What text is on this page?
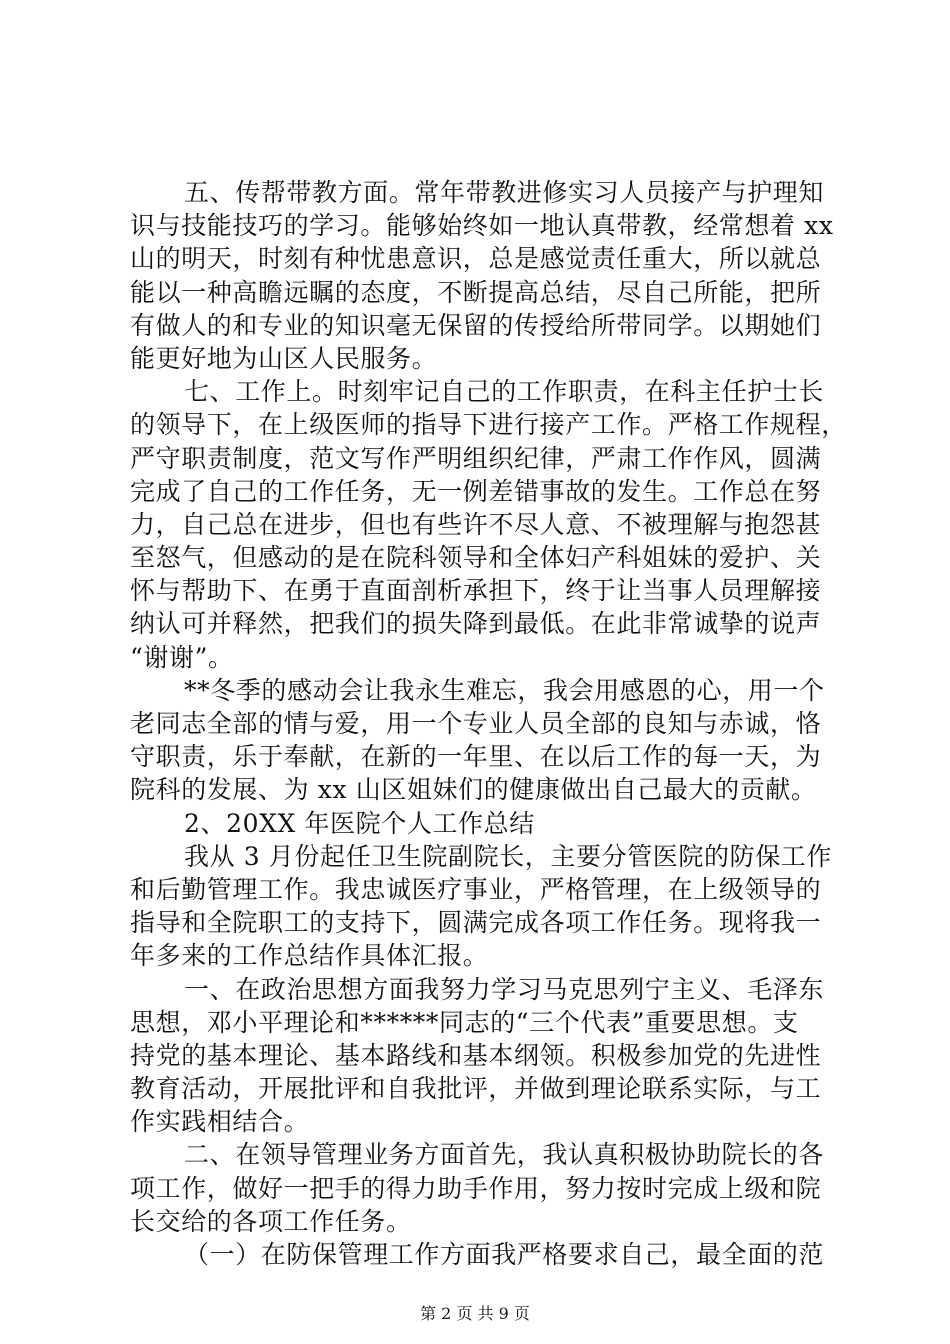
五、传帮带教方面。常年带教进修实习人员接产与护理知
识与技能技巧的学习。能够始终如一地认真带教，经常想着 xx
山的明天，时刻有种忧患意识，总是感觉责任重大，所以就总
能以一种高瞻远瞩的态度，不断提高总结，尽自己所能，把所
有做人的和专业的知识毫无保留的传授给所带同学。以期她们
能更好地为山区人民服务。
七、工作上。时刻牢记自己的工作职责，在科主任护士长
的领导下，在上级医师的指导下进行接产工作。严格工作规程，
严守职责制度，范文写作严明组织纪律，严肃工作作风，圆满
完成了自己的工作任务，无一例差错事故的发生。工作总在努
力，自己总在进步，但也有些许不尽人意、不被理解与抱怨甚
至怒气，但感动的是在院科领导和全体妇产科姐妹的爱护、关
怀与帮助下、在勇于直面剖析承担下，终于让当事人员理解接
纳认可并释然，把我们的损失降到最低。在此非常诚挚的说声
“谢谢”。
**冬季的感动会让我永生难忘，我会用感恩的心，用一个
老同志全部的情与爱，用一个专业人员全部的良知与赤诚，恪
守职责，乐于奉献，在新的一年里、在以后工作的每一天，为
院科的发展、为 xx 山区姐妹们的健康做出自己最大的贡献。
2、20XX 年医院个人工作总结
我从 3 月份起任卫生院副院长，主要分管医院的防保工作
和后勤管理工作。我忠诚医疗事业，严格管理，在上级领导的
指导和全院职工的支持下，圆满完成各项工作任务。现将我一
年多来的工作总结作具体汇报。
一、在政治思想方面我努力学习马克思列宁主义、毛泽东
思想，邓小平理论和******同志的“三个代表”重要思想。支
持党的基本理论、基本路线和基本纲领。积极参加党的先进性
教育活动，开展批评和自我批评，并做到理论联系实际，与工
作实践相结合。
二、在领导管理业务方面首先，我认真积极协助院长的各
项工作，做好一把手的得力助手作用，努力按时完成上级和院
长交给的各项工作任务。
（一）在防保管理工作方面我严格要求自己，最全面的范
第 2 页 共 9 页
